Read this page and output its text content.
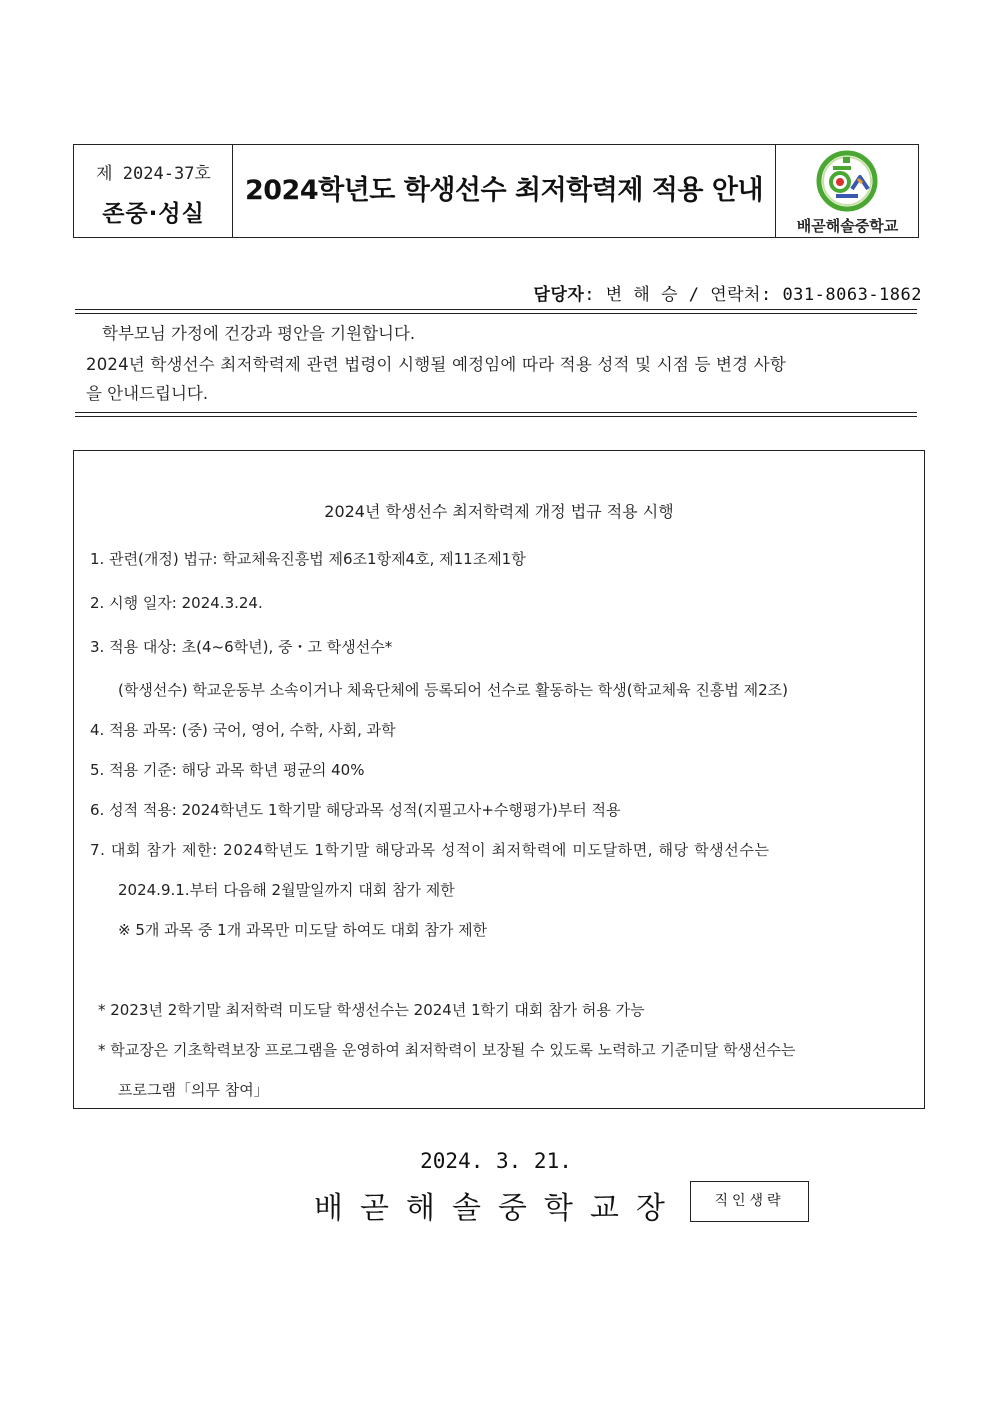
제 2024-37호
존중·성실
2024학년도 학생선수 최저학력제 적용 안내
배곧해솔중학교
담당자: 변 해 승 / 연락처: 031-8063-1862
학부모님 가정에 건강과 평안을 기원합니다.
2024년 학생선수 최저학력제 관련 법령이 시행될 예정임에 따라 적용 성적 및 시점 등 변경 사항
을 안내드립니다.
2024년 학생선수 최저학력제 개정 법규 적용 시행
1. 관련(개정) 법규: 학교체육진흥법 제6조1항제4호, 제11조제1항
2. 시행 일자: 2024.3.24.
3. 적용 대상: 초(4~6학년), 중・고 학생선수*
(학생선수) 학교운동부 소속이거나 체육단체에 등록되어 선수로 활동하는 학생(학교체육 진흥법 제2조)
4. 적용 과목: (중) 국어, 영어, 수학, 사회, 과학
5. 적용 기준: 해당 과목 학년 평균의 40%
6. 성적 적용: 2024학년도 1학기말 해당과목 성적(지필고사+수행평가)부터 적용
7. 대회 참가 제한: 2024학년도 1학기말 해당과목 성적이 최저학력에 미도달하면, 해당 학생선수는
2024.9.1.부터 다음해 2월말일까지 대회 참가 제한
※ 5개 과목 중 1개 과목만 미도달 하여도 대회 참가 제한
* 2023년 2학기말 최저학력 미도달 학생선수는 2024년 1학기 대회 참가 허용 가능
* 학교장은 기초학력보장 프로그램을 운영하여 최저학력이 보장될 수 있도록 노력하고 기준미달 학생선수는
프로그램「의무 참여」
2024. 3. 21.
배곧해솔중학교장	직인생략
